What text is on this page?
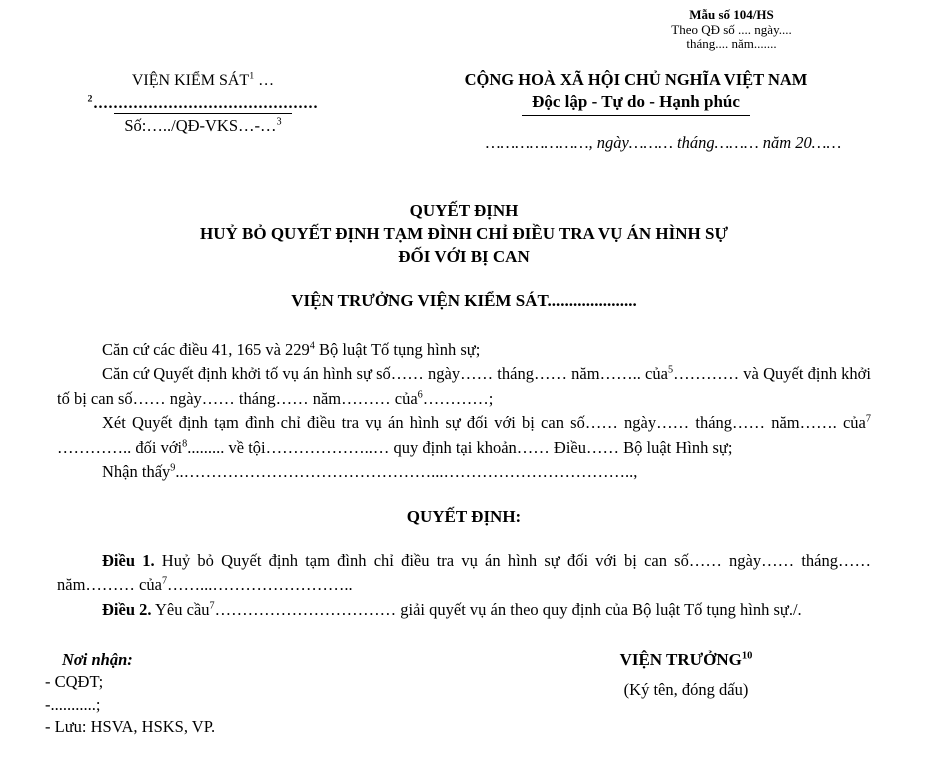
Mẫu số 104/HS
Theo QĐ số .... ngày....
tháng.... năm.......
VIỆN KIỂM SÁT$^1$ …
$^2$.............................................
Số:…../QĐ-VKS…-…$^3$
CỘNG HOÀ XÃ HỘI CHỦ NGHĨA VIỆT NAM
Độc lập - Tự do - Hạnh phúc
…………………, ngày……… tháng……… năm 20……
QUYẾT ĐỊNH
HUỶ BỎ QUYẾT ĐỊNH TẠM ĐÌNH CHỈ ĐIỀU TRA VỤ ÁN HÌNH SỰ
ĐỐI VỚI BỊ CAN
VIỆN TRƯỞNG VIỆN KIỂM SÁT.....................

Căn cứ các điều 41, 165 và $229^4$ Bộ luật Tố tụng hình sự;

Căn cứ Quyết định khởi tố vụ án hình sự số…… ngày…… tháng…… năm…….. của$^5$………… và Quyết định khởi tố bị can số…… ngày…… tháng…… năm……… của$^6$…………;

Xét Quyết định tạm đình chỉ điều tra vụ án hình sự đối với bị can số…… ngày…… tháng…… năm……. của$^7$ ………….. đối với$^8$......... về tội………………..… quy định tại khoản…… Điều…… Bộ luật Hình sự;

Nhận thấy$^9$..………………………………………...……………………………..,

QUYẾT ĐỊNH:

Điều 1. Huỷ bỏ Quyết định tạm đình chỉ điều tra vụ án hình sự đối với bị can số…… ngày…… tháng…… năm……… của$^7$……...……………………..

Điều 2. Yêu cầu$^7$…………………………… giải quyết vụ án theo quy định của Bộ luật Tố tụng hình sự./.

Nơi nhận:
- CQĐT;
-...........;
- Lưu: HSVA, HSKS, VP.
VIỆN TRƯỞNG$^{10}$
(Ký tên, đóng dấu)
